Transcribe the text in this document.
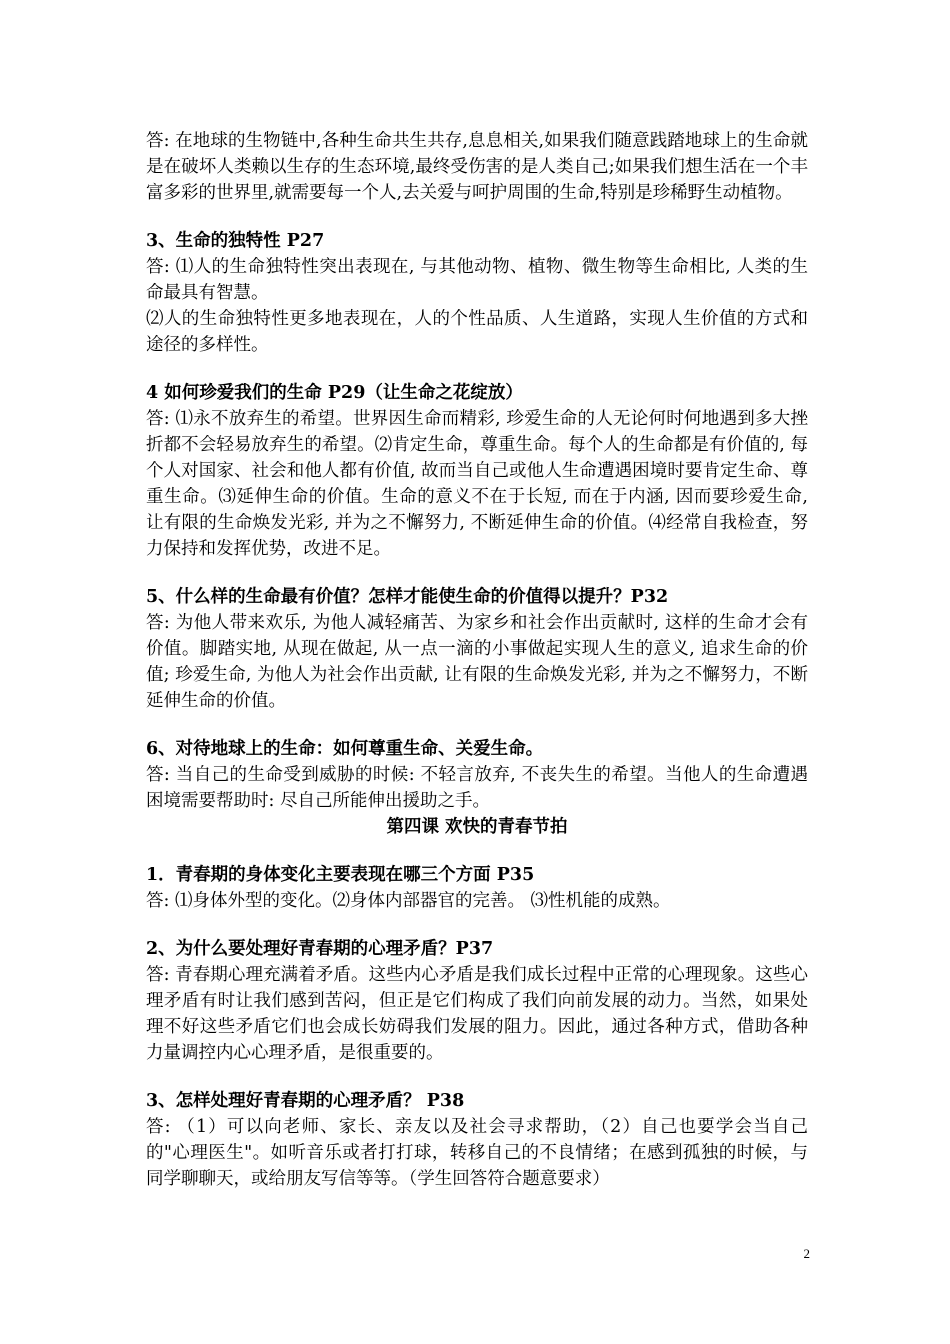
答: 在地球的生物链中,各种生命共生共存,息息相关,如果我们随意践踏地球上的生命就是在破坏人类赖以生存的生态环境,最终受伤害的是人类自己;如果我们想生活在一个丰富多彩的世界里,就需要每一个人,去关爱与呵护周围的生命,特别是珍稀野生动植物。

3、生命的独特性 P27

答: ⑴人的生命独特性突出表现在, 与其他动物、植物、微生物等生命相比, 人类的生命最具有智慧。

⑵人的生命独特性更多地表现在，人的个性品质、人生道路，实现人生价值的方式和途径的多样性。

4 如何珍爱我们的生命 P29（让生命之花绽放）

答: ⑴永不放弃生的希望。世界因生命而精彩, 珍爱生命的人无论何时何地遇到多大挫折都不会轻易放弃生的希望。⑵肯定生命，尊重生命。每个人的生命都是有价值的, 每个人对国家、社会和他人都有价值, 故而当自己或他人生命遭遇困境时要肯定生命、尊重生命。⑶延伸生命的价值。生命的意义不在于长短, 而在于内涵, 因而要珍爱生命, 让有限的生命焕发光彩, 并为之不懈努力, 不断延伸生命的价值。⑷经常自我检查，努力保持和发挥优势，改进不足。

5、什么样的生命最有价值？怎样才能使生命的价值得以提升？P32

答: 为他人带来欢乐, 为他人减轻痛苦、为家乡和社会作出贡献时, 这样的生命才会有价值。脚踏实地, 从现在做起, 从一点一滴的小事做起实现人生的意义, 追求生命的价值; 珍爱生命, 为他人为社会作出贡献, 让有限的生命焕发光彩, 并为之不懈努力，不断延伸生命的价值。

6、对待地球上的生命：如何尊重生命、关爱生命。

答: 当自己的生命受到威胁的时候: 不轻言放弃, 不丧失生的希望。当他人的生命遭遇困境需要帮助时: 尽自己所能伸出援助之手。

第四课 欢快的青春节拍

1．青春期的身体变化主要表现在哪三个方面 P35

答: ⑴身体外型的变化。⑵身体内部器官的完善。 ⑶性机能的成熟。

2、为什么要处理好青春期的心理矛盾？P37

答: 青春期心理充满着矛盾。这些内心矛盾是我们成长过程中正常的心理现象。这些心理矛盾有时让我们感到苦闷，但正是它们构成了我们向前发展的动力。当然，如果处理不好这些矛盾它们也会成长妨碍我们发展的阻力。因此，通过各种方式，借助各种力量调控内心心理矛盾，是很重要的。

3、怎样处理好青春期的心理矛盾？ P38

答: （1）可以向老师、家长、亲友以及社会寻求帮助，（2）自己也要学会当自己的"心理医生"。如听音乐或者打打球，转移自己的不良情绪；在感到孤独的时候，与同学聊聊天，或给朋友写信等等。（学生回答符合题意要求）

2
